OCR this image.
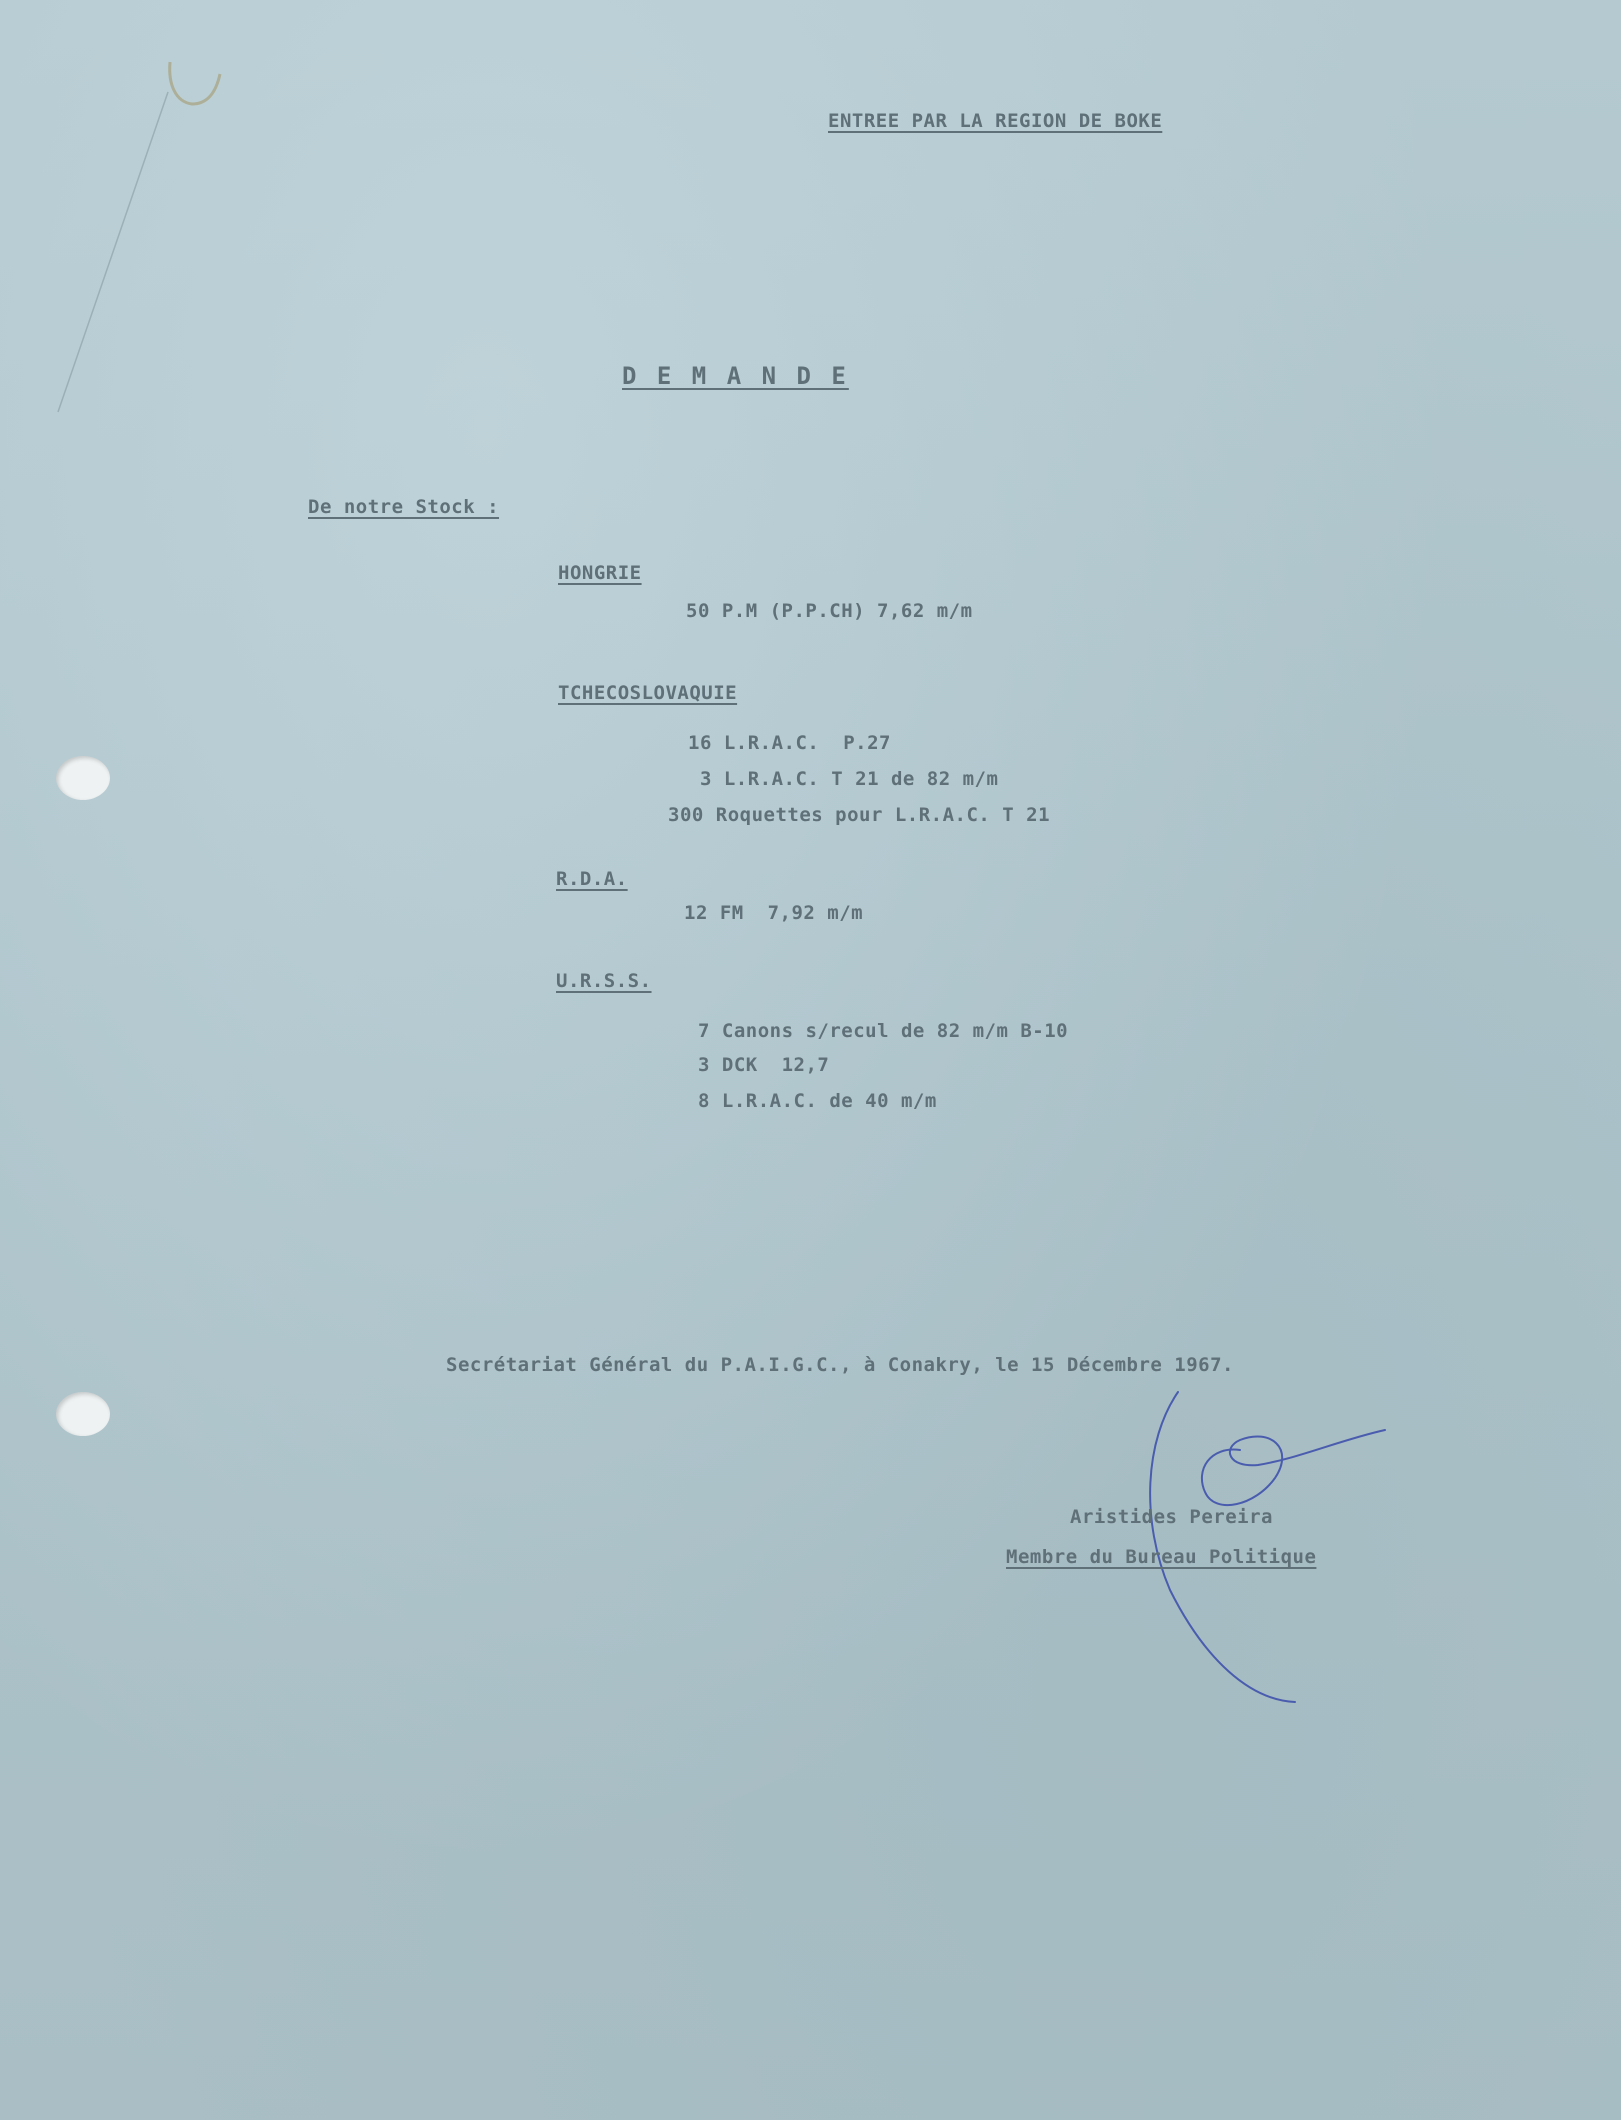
ENTREE PAR LA REGION DE BOKE
D E M A N D E
De notre Stock :
HONGRIE
50 P.M (P.P.CH) 7,62 m/m
TCHECOSLOVAQUIE
16 L.R.A.C.  P.27
3 L.R.A.C. T 21 de 82 m/m
300 Roquettes pour L.R.A.C. T 21
R.D.A.
12 FM  7,92 m/m
U.R.S.S.
7 Canons s/recul de 82 m/m B-10
3 DCK  12,7
8 L.R.A.C. de 40 m/m
Secrétariat Général du P.A.I.G.C., à Conakry, le 15 Décembre 1967.
Aristides Pereira
Membre du Bureau Politique
